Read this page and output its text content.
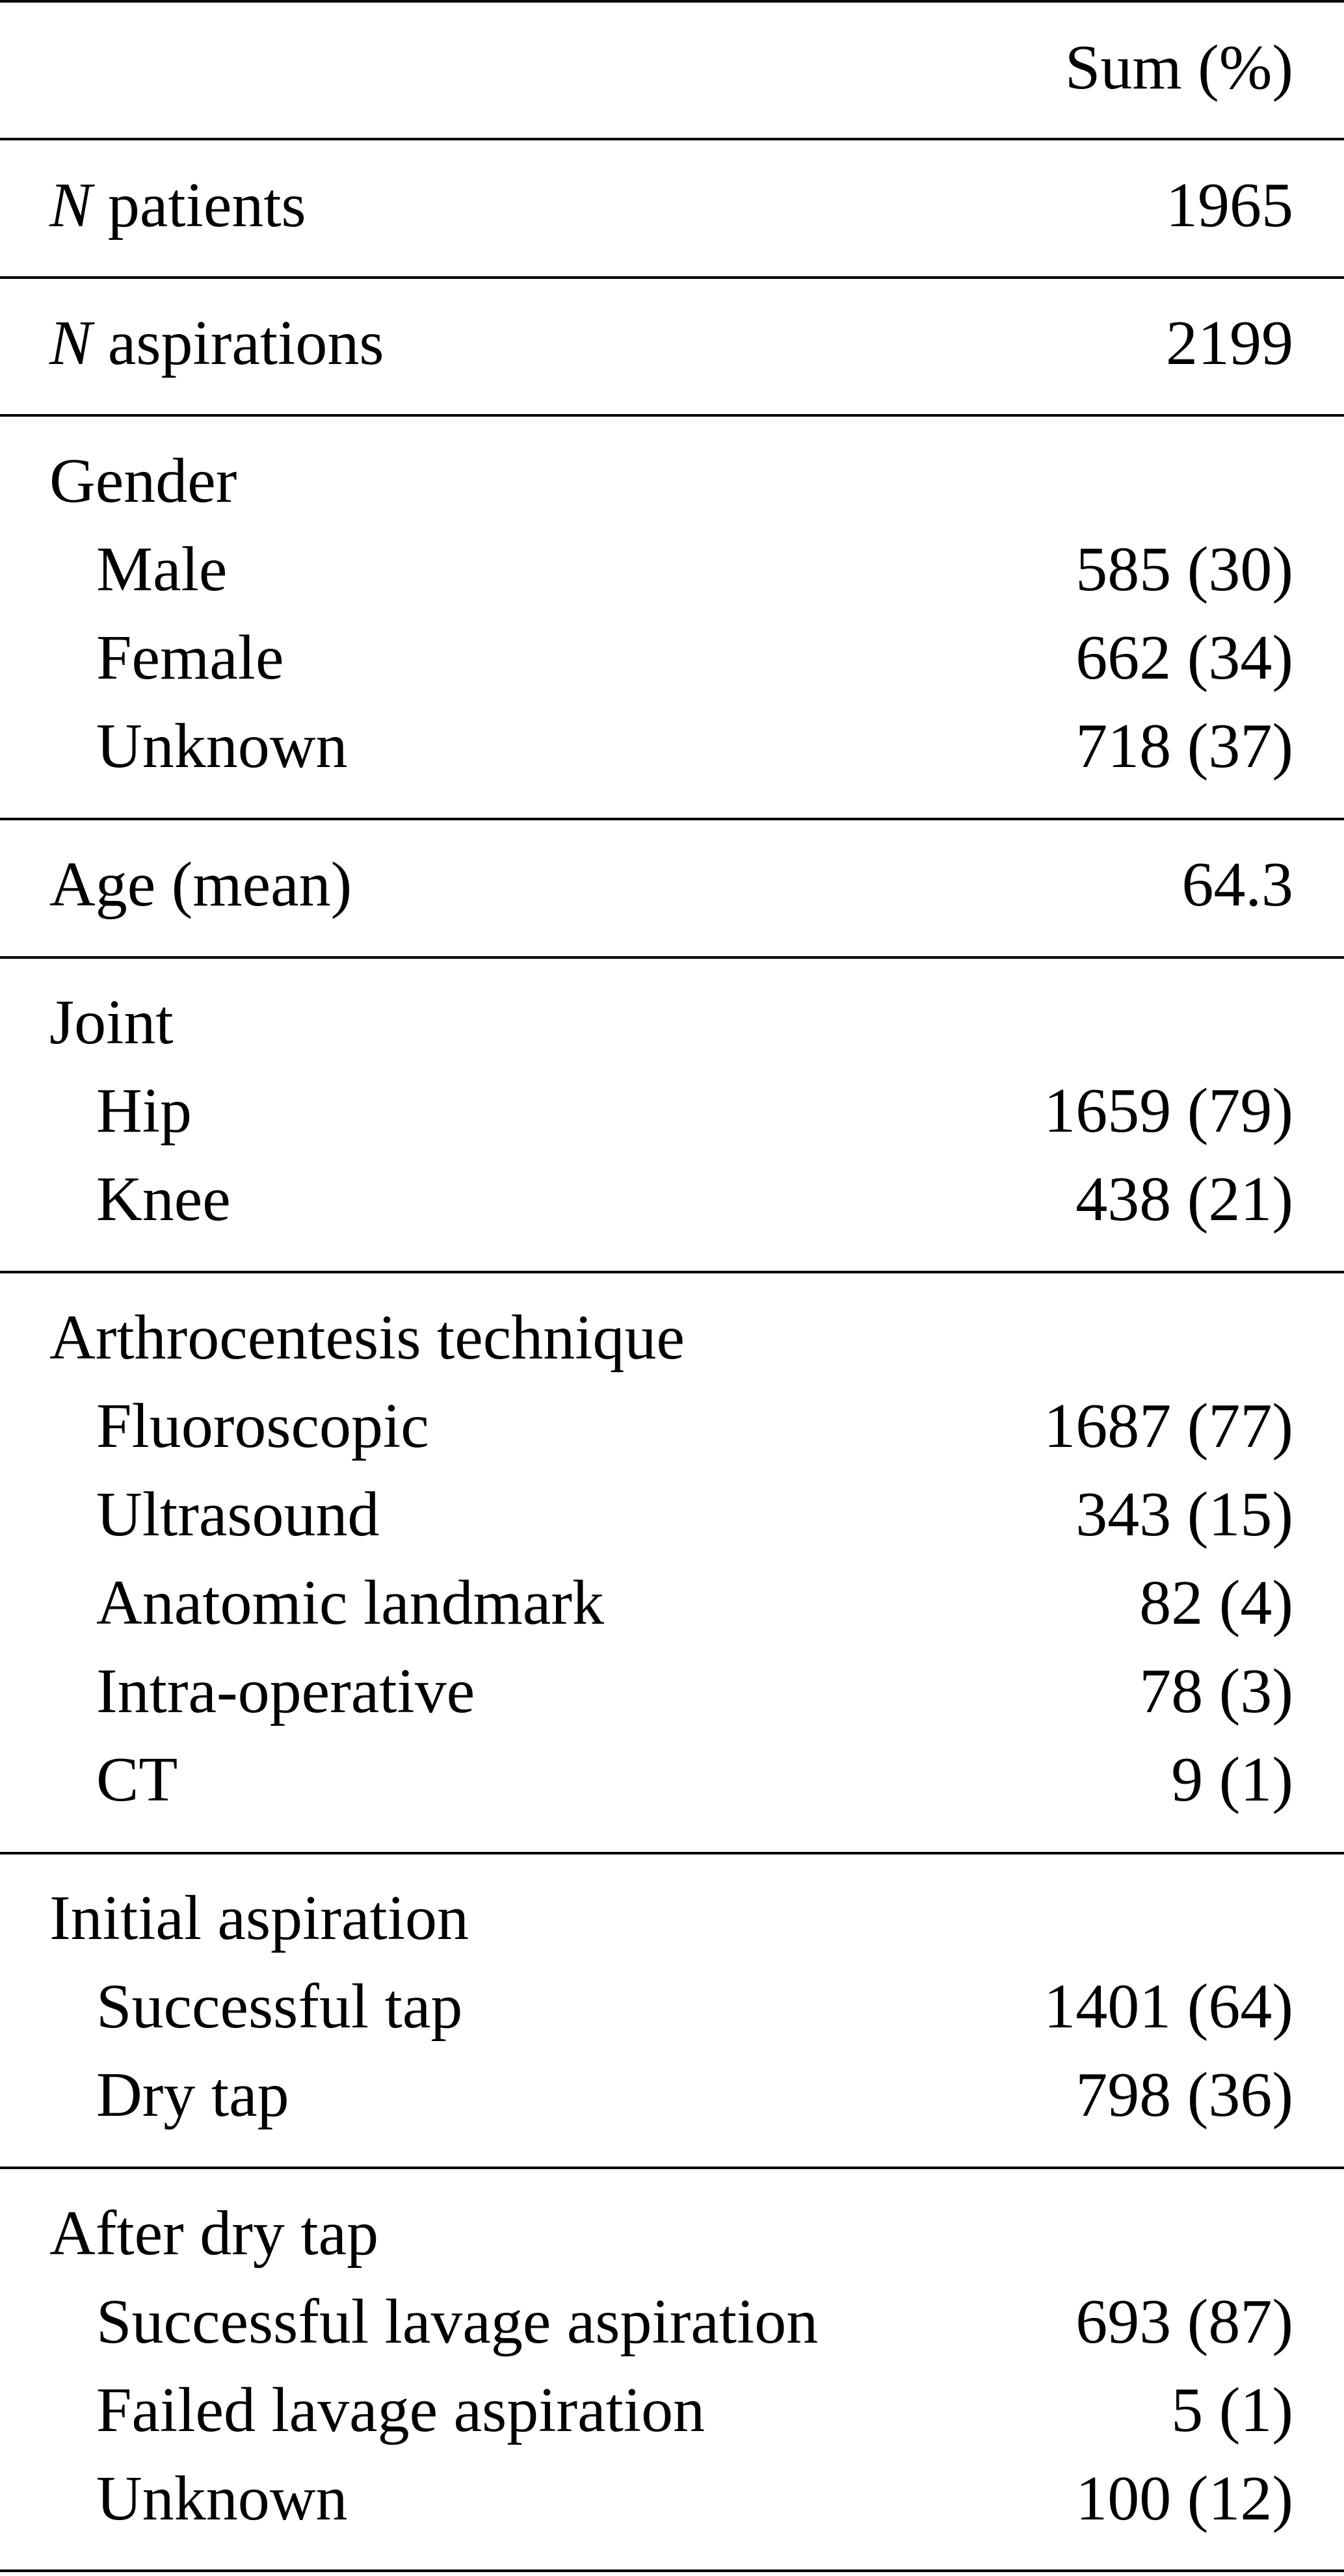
Sum (%)
N patients	1965
N aspirations	2199
Gender
Male	585 (30)
Female	662 (34)
Unknown	718 (37)
Age (mean)	64.3
Joint
Hip	1659 (79)
Knee	438 (21)
Arthrocentesis technique
Fluoroscopic	1687 (77)
Ultrasound	343 (15)
Anatomic landmark	82 (4)
Intra-operative	78 (3)
CT	9 (1)
Initial aspiration
Successful tap	1401 (64)
Dry tap	798 (36)
After dry tap
Successful lavage aspiration	693 (87)
Failed lavage aspiration	5 (1)
Unknown	100 (12)
